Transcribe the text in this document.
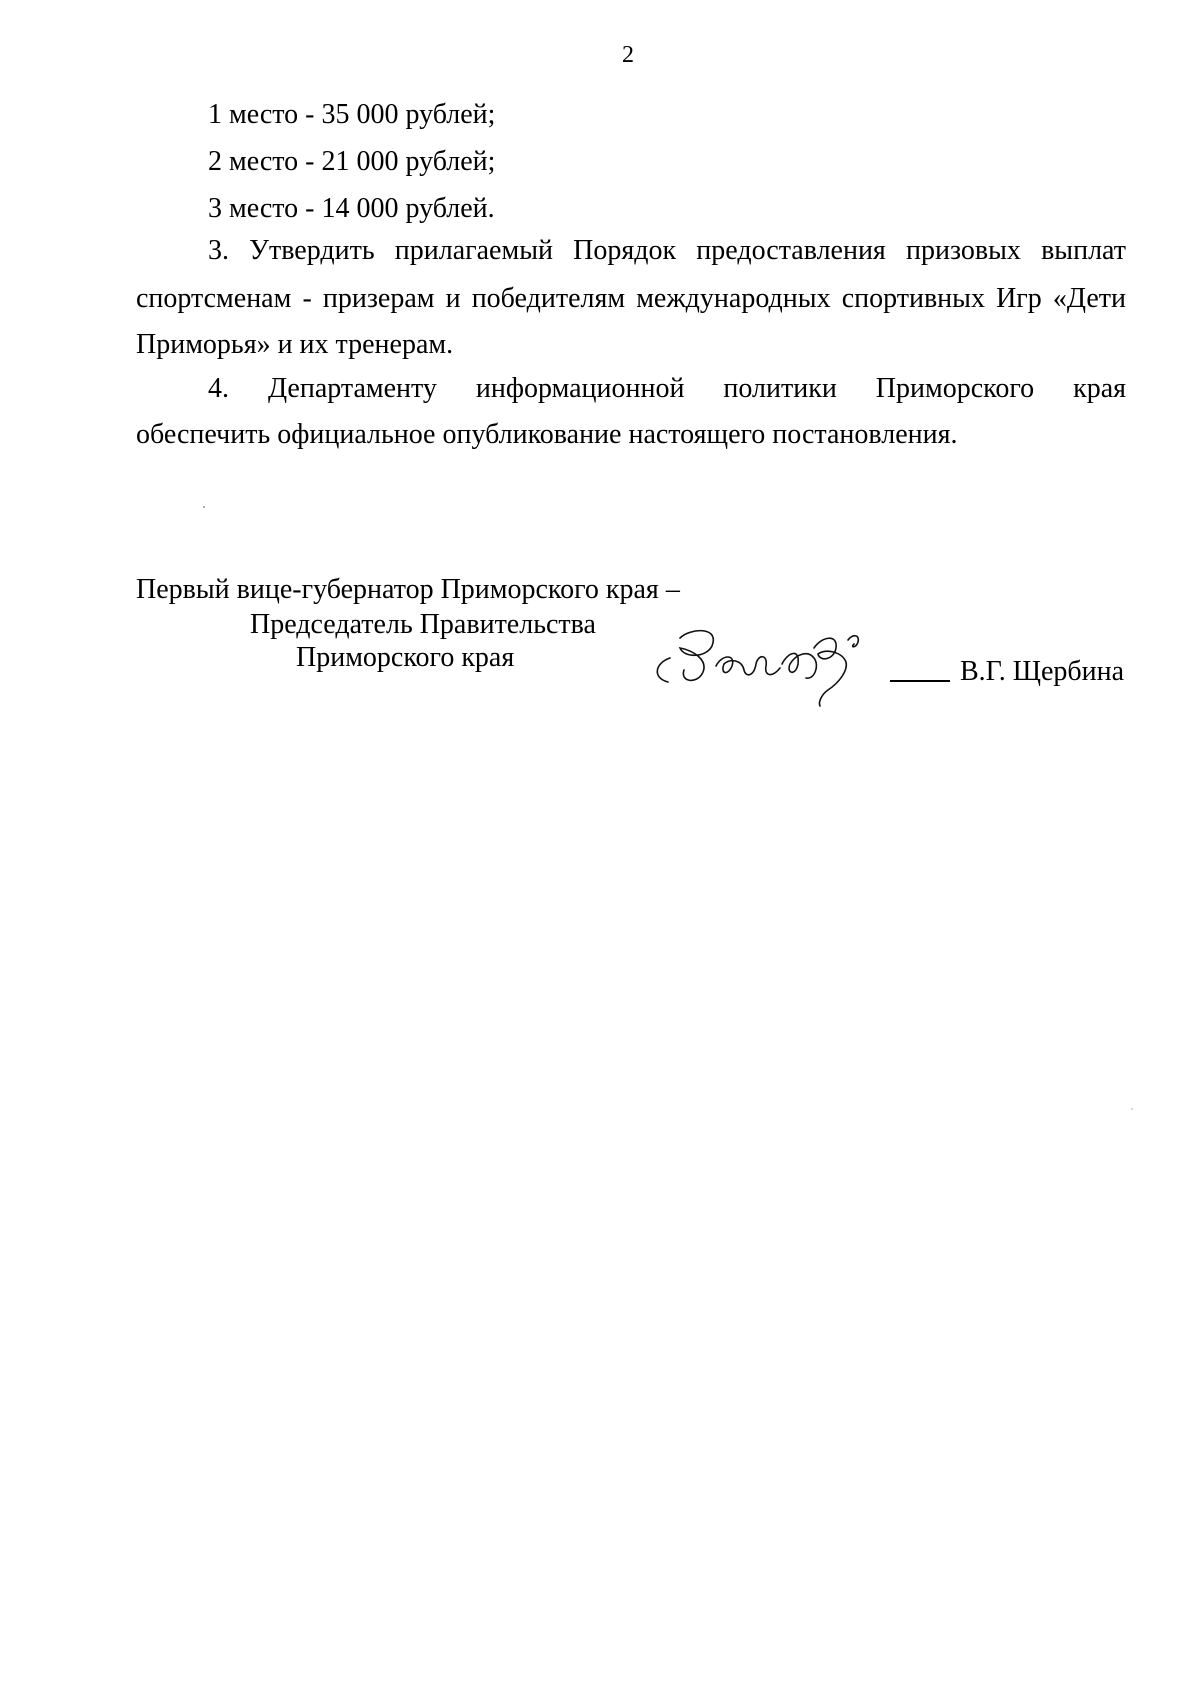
2
1 место - 35 000 рублей;
2 место - 21 000 рублей;
3 место - 14 000 рублей.
3. Утвердить прилагаемый Порядок предоставления призовых выплат
спортсменам - призерам и победителям международных спортивных Игр «Дети
Приморья» и их тренерам.
4. Департаменту информационной политики Приморского края
обеспечить официальное опубликование настоящего постановления.
Первый вице-губернатор Приморского края –
Председатель Правительства
Приморского края	В.Г. Щербина
